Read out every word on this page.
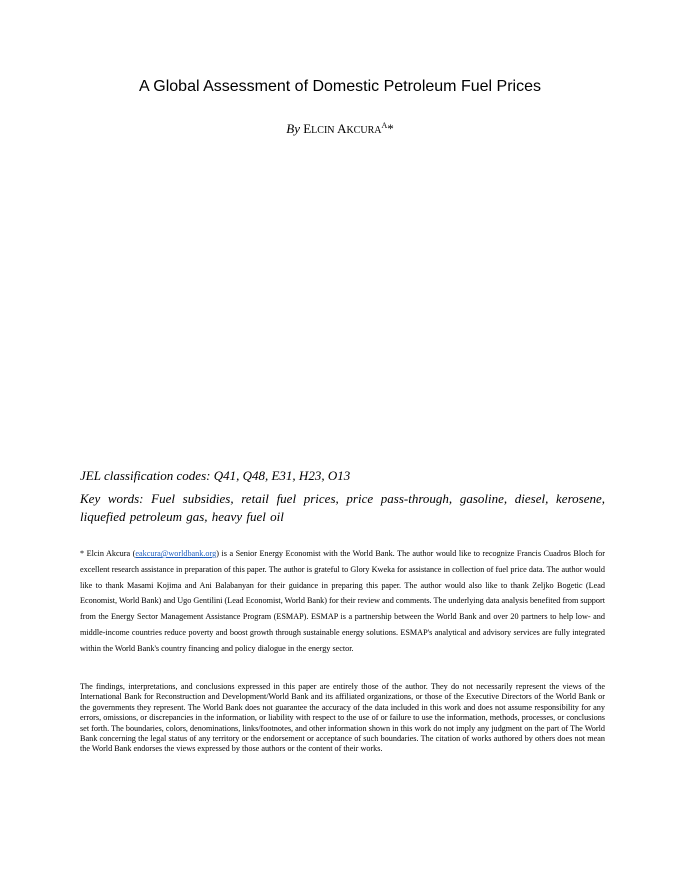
A Global Assessment of Domestic Petroleum Fuel Prices
By ELCIN $AKCURA^A*$
JEL classification codes: Q41, Q48, E31, H23, O13
Key words: Fuel subsidies, retail fuel prices, price pass-through, gasoline, diesel, kerosene, liquefied petroleum gas, heavy fuel oil
* Elcin Akcura (eakcura@worldbank.org) is a Senior Energy Economist with the World Bank. The author would like to recognize Francis Cuadros Bloch for excellent research assistance in preparation of this paper. The author is grateful to Glory Kweka for assistance in collection of fuel price data. The author would like to thank Masami Kojima and Ani Balabanyan for their guidance in preparing this paper. The author would also like to thank Zeljko Bogetic (Lead Economist, World Bank) and Ugo Gentilini (Lead Economist, World Bank) for their review and comments. The underlying data analysis benefited from support from the Energy Sector Management Assistance Program (ESMAP). ESMAP is a partnership between the World Bank and over 20 partners to help low- and middle-income countries reduce poverty and boost growth through sustainable energy solutions. ESMAP's analytical and advisory services are fully integrated within the World Bank's country financing and policy dialogue in the energy sector.
The findings, interpretations, and conclusions expressed in this paper are entirely those of the author. They do not necessarily represent the views of the International Bank for Reconstruction and Development/World Bank and its affiliated organizations, or those of the Executive Directors of the World Bank or the governments they represent. The World Bank does not guarantee the accuracy of the data included in this work and does not assume responsibility for any errors, omissions, or discrepancies in the information, or liability with respect to the use of or failure to use the information, methods, processes, or conclusions set forth. The boundaries, colors, denominations, links/footnotes, and other information shown in this work do not imply any judgment on the part of The World Bank concerning the legal status of any territory or the endorsement or acceptance of such boundaries. The citation of works authored by others does not mean the World Bank endorses the views expressed by those authors or the content of their works.
